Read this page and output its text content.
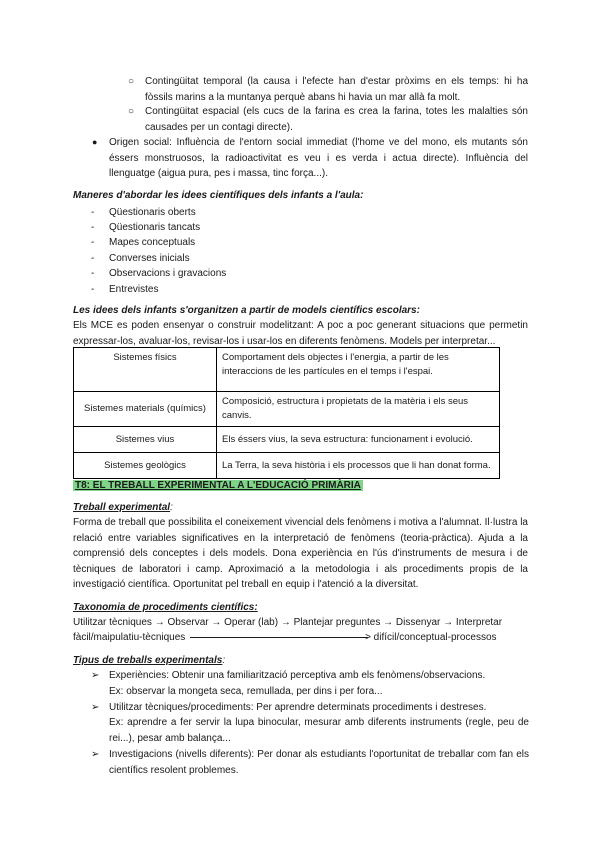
○ Contingüitat temporal (la causa i l'efecte han d'estar pròxims en els temps: hi ha fòssils marins a la muntanya perquè abans hi havia un mar allà fa molt.
○ Contingüitat espacial (els cucs de la farina es crea la farina, totes les malalties són causades per un contagi directe).
● Origen social: Influència de l'entorn social immediat (l'home ve del mono, els mutants són éssers monstruosos, la radioactivitat es veu i es verda i actua directe). Influència del llenguatge (aigua pura, pes i massa, tinc força...).
Maneres d'abordar les idees científiques dels infants a l'aula:
- Qüestionaris oberts
- Qüestionaris tancats
- Mapes conceptuals
- Converses inicials
- Observacions i gravacions
- Entrevistes
Les idees dels infants s'organitzen a partir de models científics escolars:
Els MCE es poden ensenyar o construir modelitzant: A poc a poc generant situacions que permetin expressar-los, avaluar-los, revisar-los i usar-los en diferents fenòmens. Models per interpretar...
Sistemes físics	Comportament dels objectes i l'energia, a partir de les interaccions de les partícules en el temps i l'espai.
Sistemes materials (químics)	Composició, estructura i propietats de la matèria i els seus canvis.
Sistemes vius	Els éssers vius, la seva estructura: funcionament i evolució.
Sistemes geològics	La Terra, la seva història i els processos que li han donat forma.
T8: EL TREBALL EXPERIMENTAL A L'EDUCACIÓ PRIMÀRIA
Treball experimental:
Forma de treball que possibilita el coneixement vivencial dels fenòmens i motiva a l'alumnat. Il·lustra la relació entre variables significatives en la interpretació de fenòmens (teoria-pràctica). Ajuda a la comprensió dels conceptes i dels models. Dona experiència en l'ús d'instruments de mesura i de tècniques de laboratori i camp. Aproximació a la metodologia i als procediments propis de la investigació científica. Oportunitat pel treball en equip i l'atenció a la diversitat.
Taxonomia de procediments científics:
Utilitzar tècniques → Observar → Operar (lab) → Plantejar preguntes → Dissenyar → Interpretar
fàcil/maipulatiu-tècniques	> difícil/conceptual-processos
Tipus de treballs experimentals:
➢ Experiències: Obtenir una familiarització perceptiva amb els fenòmens/observacions.
Ex: observar la mongeta seca, remullada, per dins i per fora...
➢ Utilitzar tècniques/procediments: Per aprendre determinats procediments i destreses.
Ex: aprendre a fer servir la lupa binocular, mesurar amb diferents instruments (regle, peu de rei...), pesar amb balança...
➢ Investigacions (nivells diferents): Per donar als estudiants l'oportunitat de treballar com fan els científics resolent problemes.
